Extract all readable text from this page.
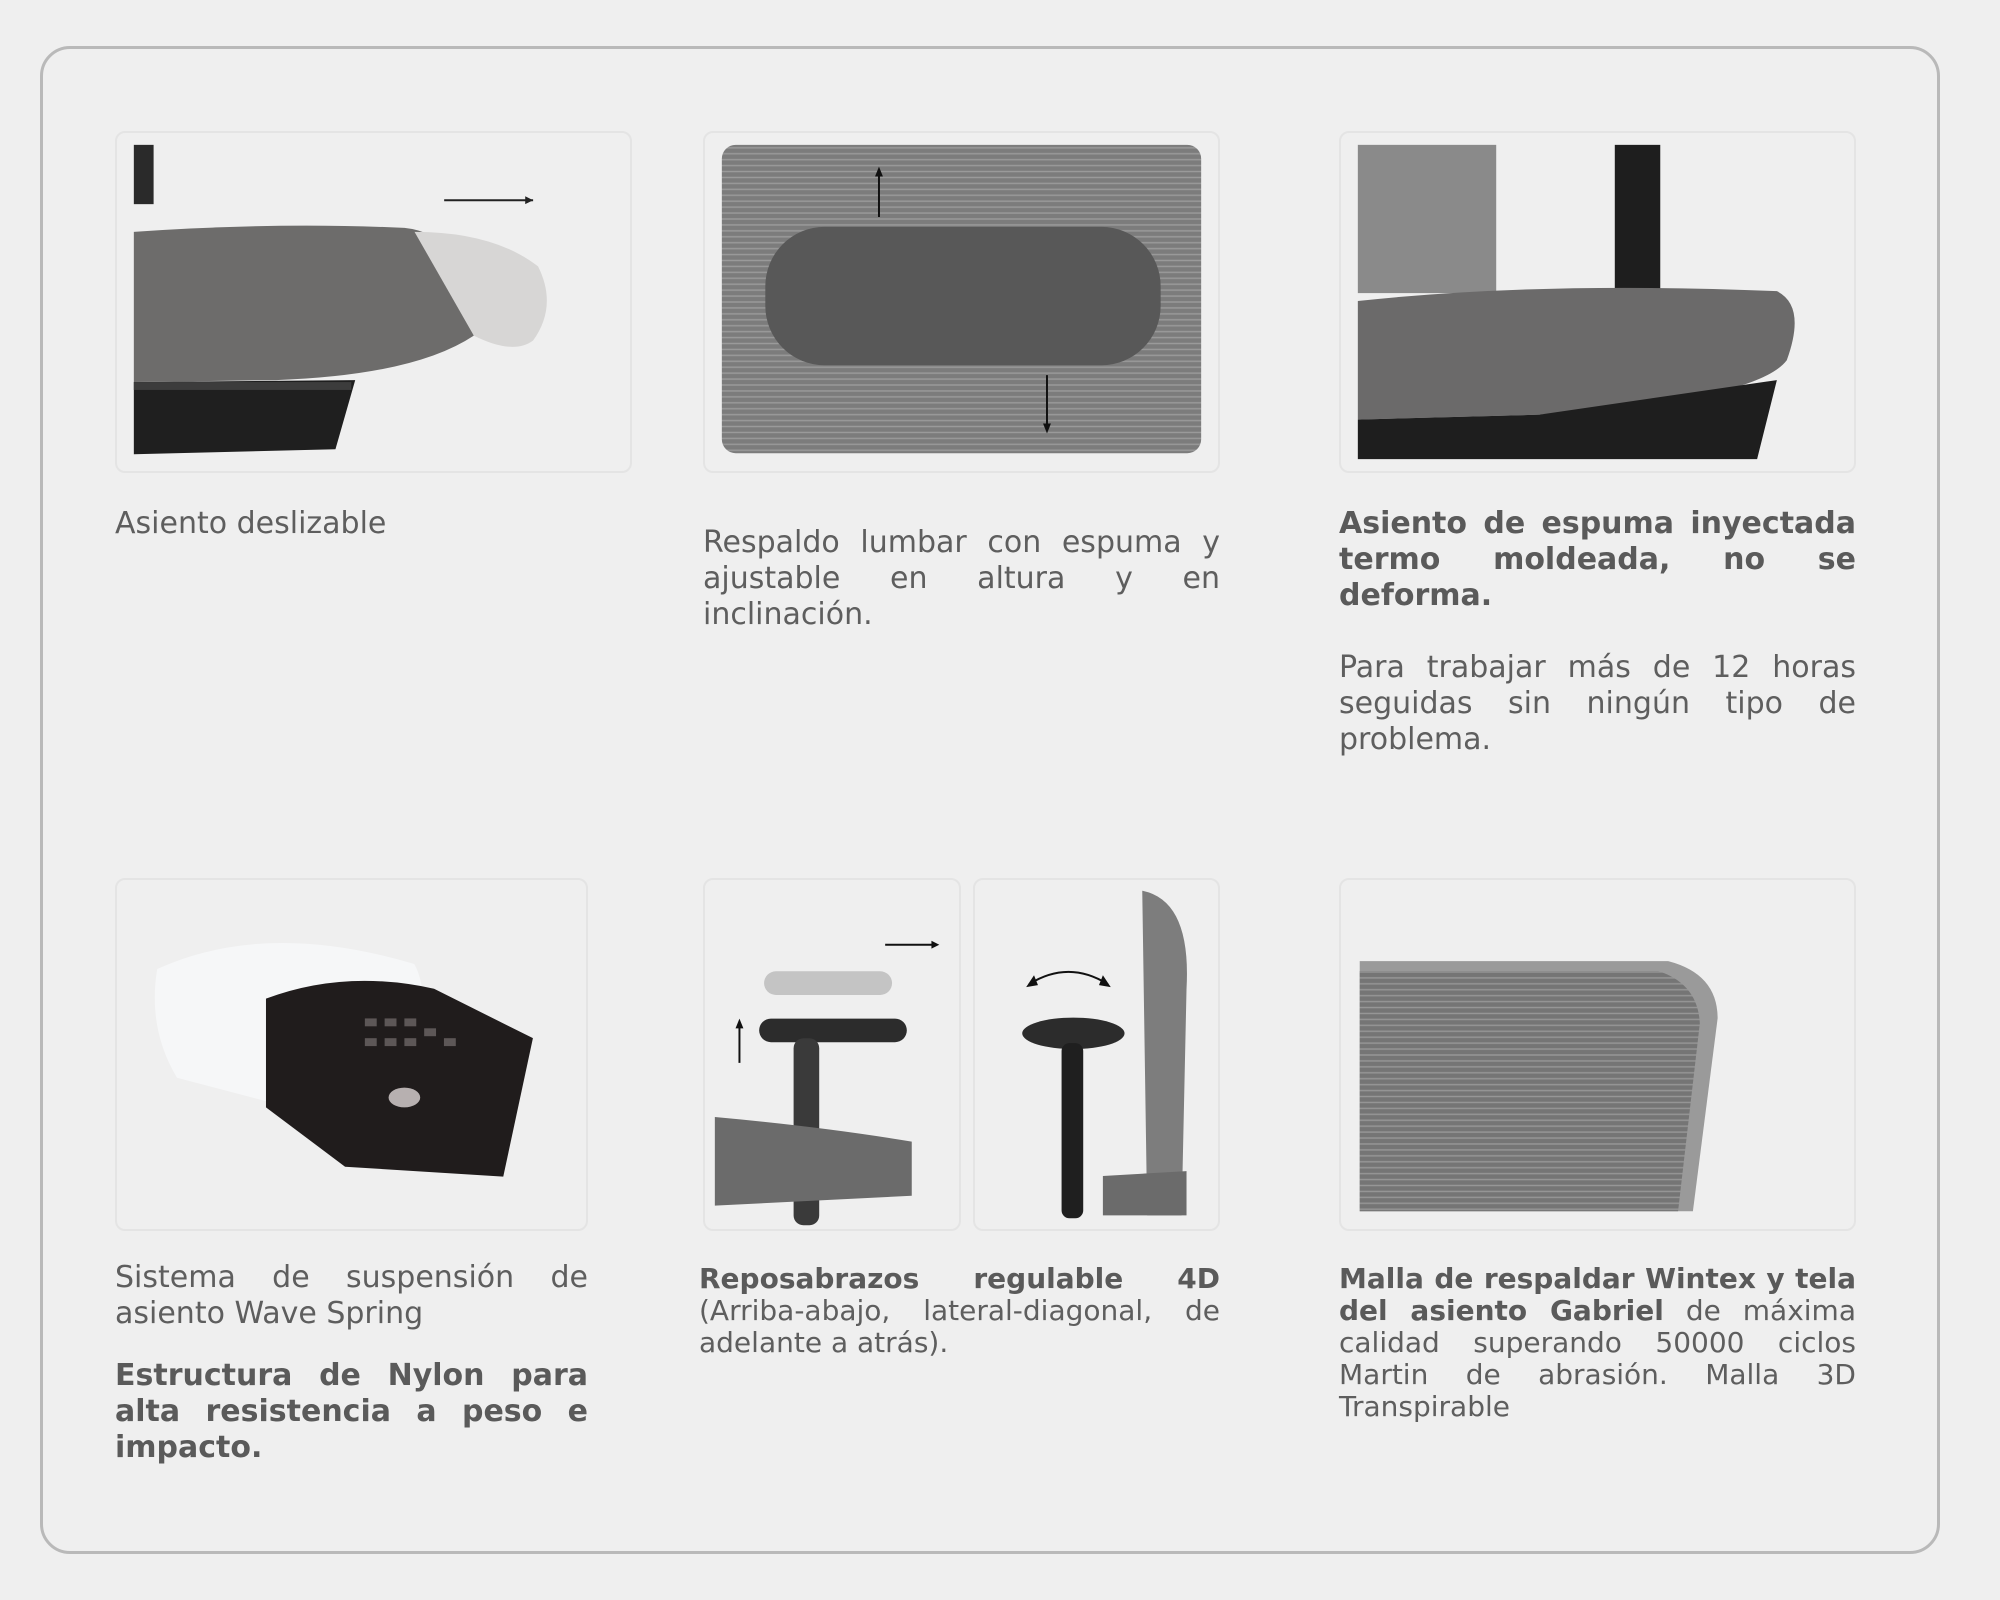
Asiento deslizable
Respaldo lumbar con espuma y ajustable en altura y en inclinación.

Asiento de espuma inyectada termo moldeada, no se deforma.

Para trabajar más de 12 horas seguidas sin ningún tipo de problema.

Sistema de suspensión de asiento Wave Spring

Estructura de Nylon para alta resistencia a peso e impacto.

Reposabrazos regulable 4D (Arriba-abajo, lateral-diagonal, de adelante a atrás).
Malla de respaldar Wintex y tela del asiento Gabriel de máxima calidad superando 50000 ciclos Martin de abrasión. Malla 3D Transpirable
